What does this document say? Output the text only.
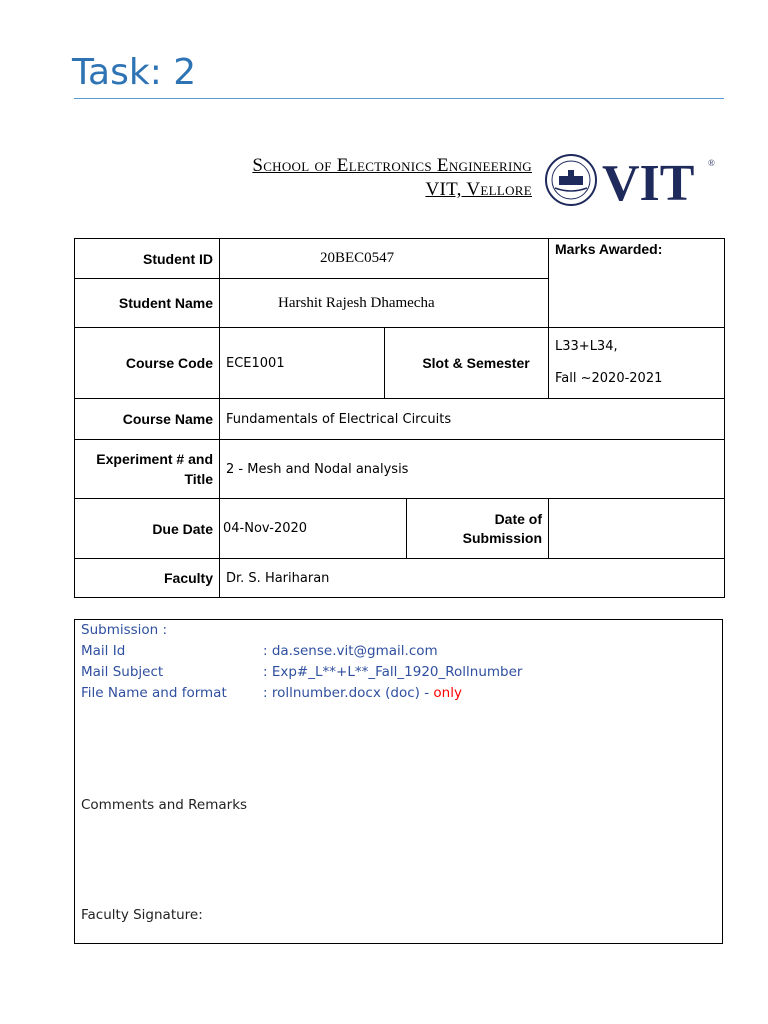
Task: 2
School of Electronics Engineering
VIT, Vellore VIT ®
Student ID	20BEC0547			Marks Awarded:
Student Name	Harshit Rajesh Dhamecha			
Course Code	ECE1001	Slot & Semester		L33+L34,
Fall ~2020-2021

Course Name	Fundamentals of Electrical Circuits			

Experiment # and
Title	2 - Mesh and Nodal analysis			
Due Date	04-Nov-2020		Date of
Submission	

Faculty	Dr. S. Hariharan			
Submission :
Mail Id	: da.sense.vit@gmail.com
Mail Subject	: Exp#_L**+L**_Fall_1920_Rollnumber
File Name and format	: rollnumber.docx (doc) - only
Comments and Remarks
Faculty Signature:
